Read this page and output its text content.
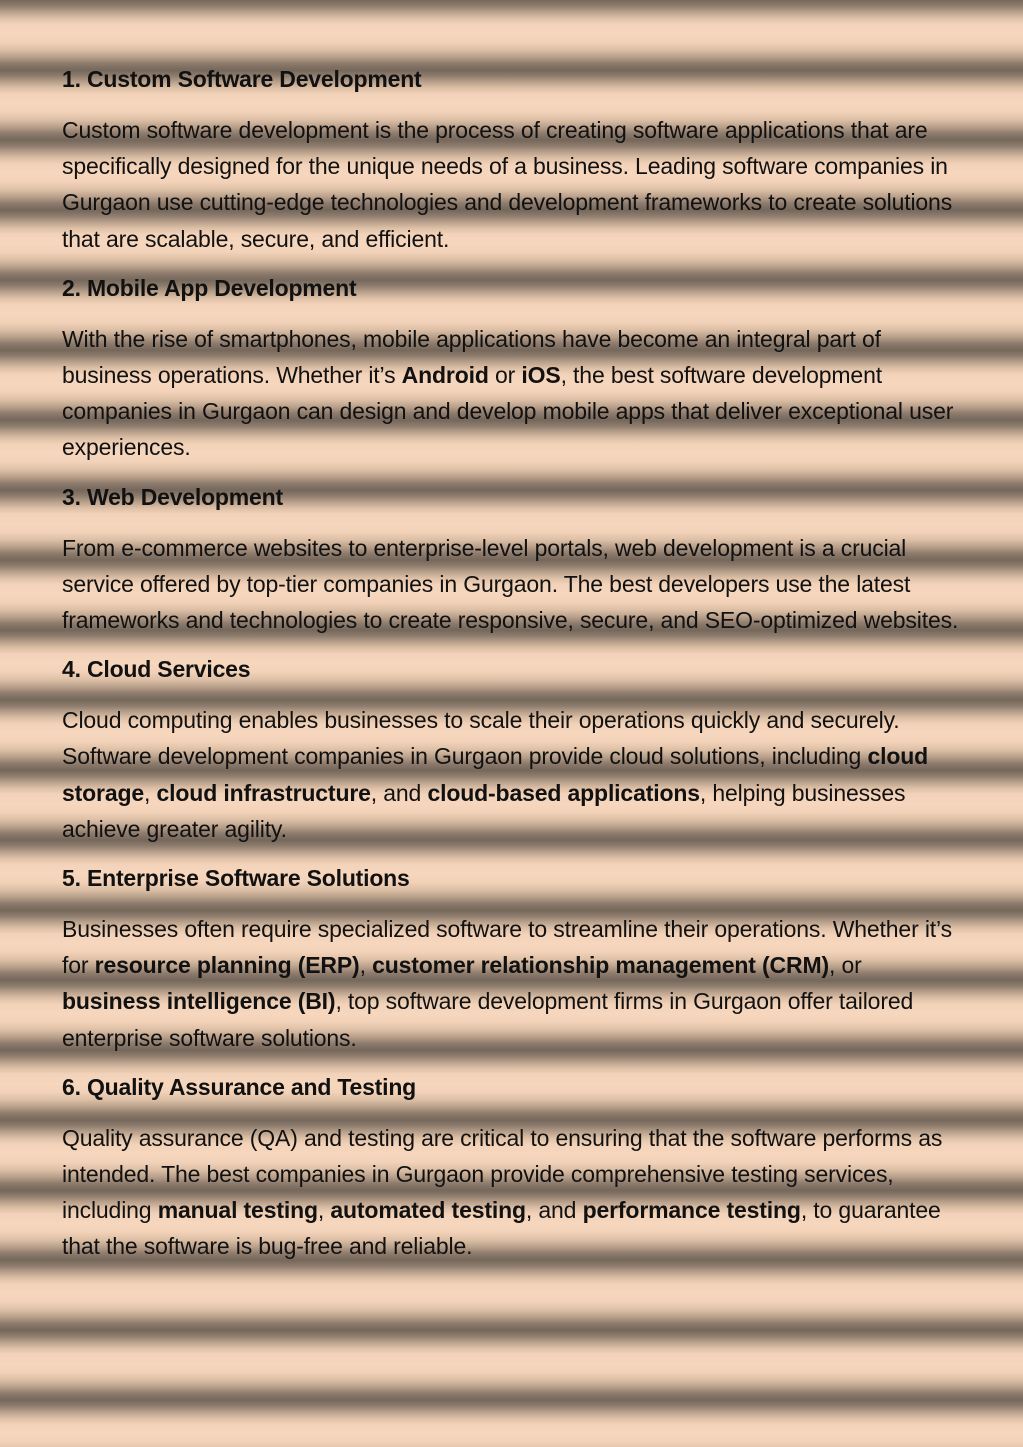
1. Custom Software Development
Custom software development is the process of creating software applications that are specifically designed for the unique needs of a business. Leading software companies in Gurgaon use cutting-edge technologies and development frameworks to create solutions that are scalable, secure, and efficient.
2. Mobile App Development
With the rise of smartphones, mobile applications have become an integral part of business operations. Whether it’s Android or iOS, the best software development companies in Gurgaon can design and develop mobile apps that deliver exceptional user experiences.
3. Web Development
From e-commerce websites to enterprise-level portals, web development is a crucial service offered by top-tier companies in Gurgaon. The best developers use the latest frameworks and technologies to create responsive, secure, and SEO-optimized websites.
4. Cloud Services
Cloud computing enables businesses to scale their operations quickly and securely. Software development companies in Gurgaon provide cloud solutions, including cloud storage, cloud infrastructure, and cloud-based applications, helping businesses achieve greater agility.
5. Enterprise Software Solutions
Businesses often require specialized software to streamline their operations. Whether it’s for resource planning (ERP), customer relationship management (CRM), or business intelligence (BI), top software development firms in Gurgaon offer tailored enterprise software solutions.
6. Quality Assurance and Testing
Quality assurance (QA) and testing are critical to ensuring that the software performs as intended. The best companies in Gurgaon provide comprehensive testing services, including manual testing, automated testing, and performance testing, to guarantee that the software is bug-free and reliable.
